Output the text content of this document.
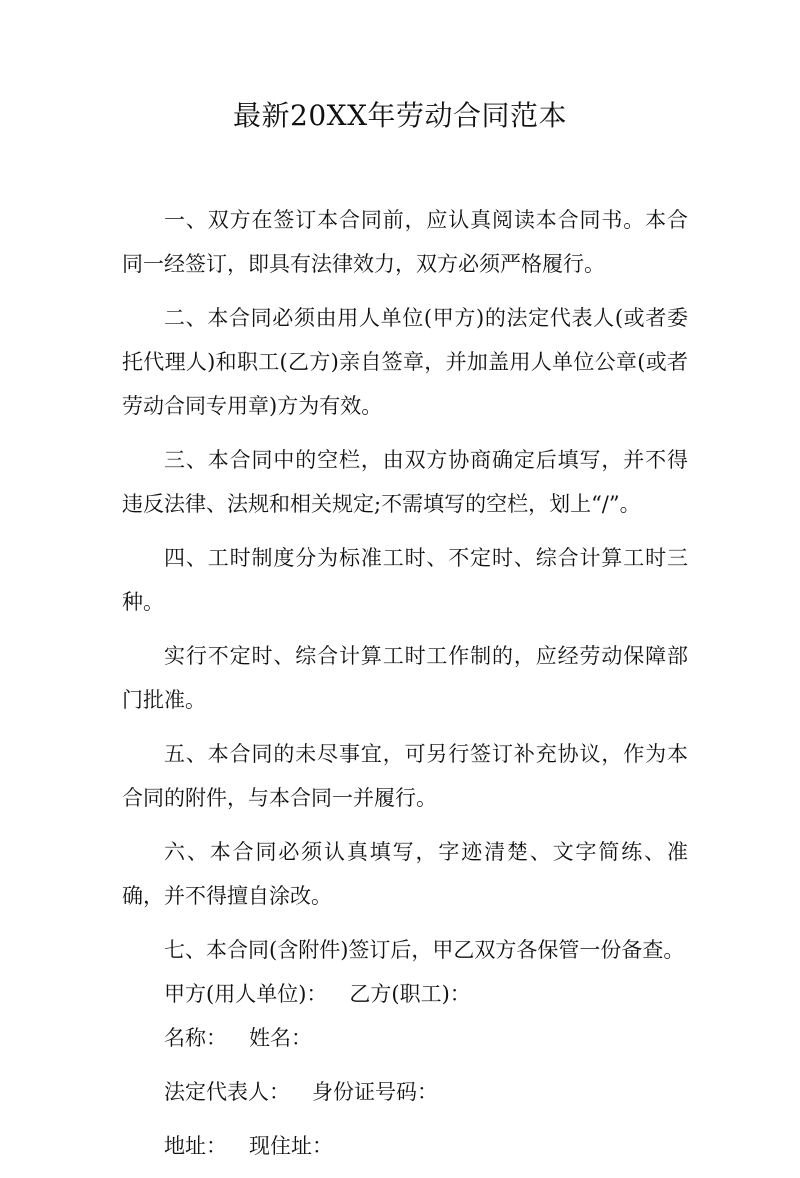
最新20XX年劳动合同范本

一、双方在签订本合同前，应认真阅读本合同书。本合同一经签订，即具有法律效力，双方必须严格履行。

二、本合同必须由用人单位(甲方)的法定代表人(或者委托代理人)和职工(乙方)亲自签章，并加盖用人单位公章(或者劳动合同专用章)方为有效。

三、本合同中的空栏，由双方协商确定后填写，并不得违反法律、法规和相关规定;不需填写的空栏，划上“/”。

四、工时制度分为标准工时、不定时、综合计算工时三种。

实行不定时、综合计算工时工作制的，应经劳动保障部门批准。

五、本合同的未尽事宜，可另行签订补充协议，作为本合同的附件，与本合同一并履行。

六、本合同必须认真填写，字迹清楚、文字简练、准确，并不得擅自涂改。

七、本合同(含附件)签订后，甲乙双方各保管一份备查。

甲方(用人单位)： 乙方(职工)：

名称： 姓名：

法定代表人： 身份证号码：

地址： 现住址：
